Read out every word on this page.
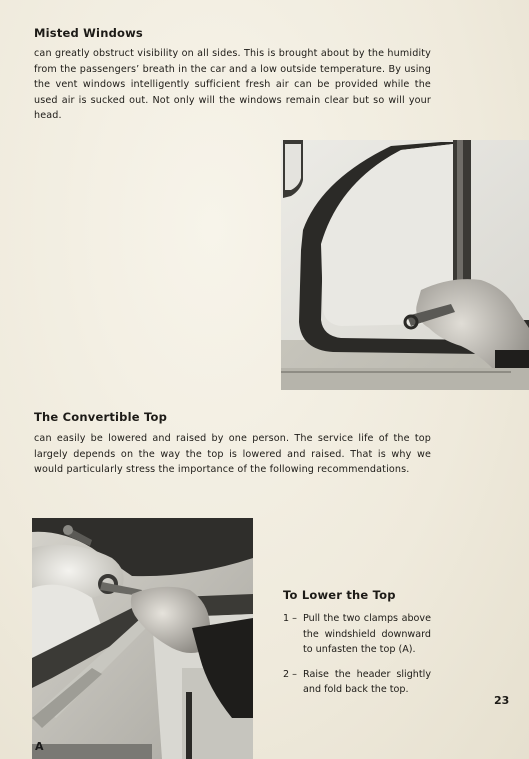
Misted Windows
can greatly obstruct visibility on all sides. This is brought about by the humidity from the passengers’ breath in the car and a low outside temperature. By using the vent windows intelligently sufficient fresh air can be provided while the used air is sucked out. Not only will the windows remain clear but so will your head.
The Convertible Top
can easily be lowered and raised by one person. The service life of the top largely depends on the way the top is lowered and raised. That is why we would particularly stress the importance of the following recommendations.
A
To Lower the Top
1 – Pull the two clamps above the windshield downward to unfasten the top (A).
2 – Raise the header slightly and fold back the top.
23
